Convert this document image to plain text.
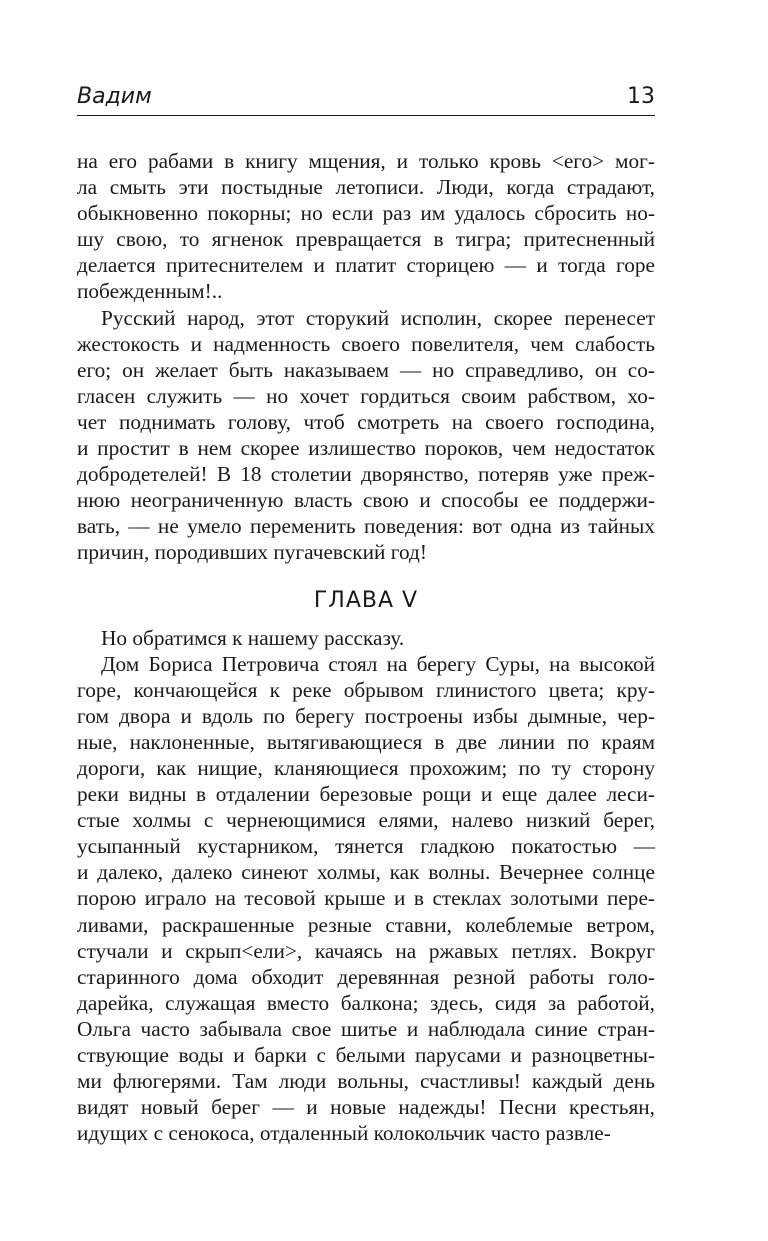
Вадим	13
на его рабами в книгу мщения, и только кровь <его> мог-
ла смыть эти постыдные летописи. Люди, когда страдают,
обыкновенно покорны; но если раз им удалось сбросить но-
шу свою, то ягненок превращается в тигра; притесненный
делается притеснителем и платит сторицею — и тогда горе
побежденным!..
Русский народ, этот сторукий исполин, скорее перенесет
жестокость и надменность своего повелителя, чем слабость
его; он желает быть наказываем — но справедливо, он со-
гласен служить — но хочет гордиться своим рабством, хо-
чет поднимать голову, чтоб смотреть на своего господина,
и простит в нем скорее излишество пороков, чем недостаток
добродетелей! В 18 столетии дворянство, потеряв уже преж-
нюю неограниченную власть свою и способы ее поддержи-
вать, — не умело переменить поведения: вот одна из тайных
причин, породивших пугачевский год!
ГЛАВА V
Но обратимся к нашему рассказу.
Дом Бориса Петровича стоял на берегу Суры, на высокой
горе, кончающейся к реке обрывом глинистого цвета; кру-
гом двора и вдоль по берегу построены избы дымные, чер-
ные, наклоненные, вытягивающиеся в две линии по краям
дороги, как нищие, кланяющиеся прохожим; по ту сторону
реки видны в отдалении березовые рощи и еще далее леси-
стые холмы с чернеющимися елями, налево низкий берег,
усыпанный кустарником, тянется гладкою покатостью —
и далеко, далеко синеют холмы, как волны. Вечернее солнце
порою играло на тесовой крыше и в стеклах золотыми пере-
ливами, раскрашенные резные ставни, колеблемые ветром,
стучали и скрып<ели>, качаясь на ржавых петлях. Вокруг
старинного дома обходит деревянная резной работы голо-
дарейка, служащая вместо балкона; здесь, сидя за работой,
Ольга часто забывала свое шитье и наблюдала синие стран-
ствующие воды и барки с белыми парусами и разноцветны-
ми флюгерями. Там люди вольны, счастливы! каждый день
видят новый берег — и новые надежды! Песни крестьян,
идущих с сенокоса, отдаленный колокольчик часто развле-
